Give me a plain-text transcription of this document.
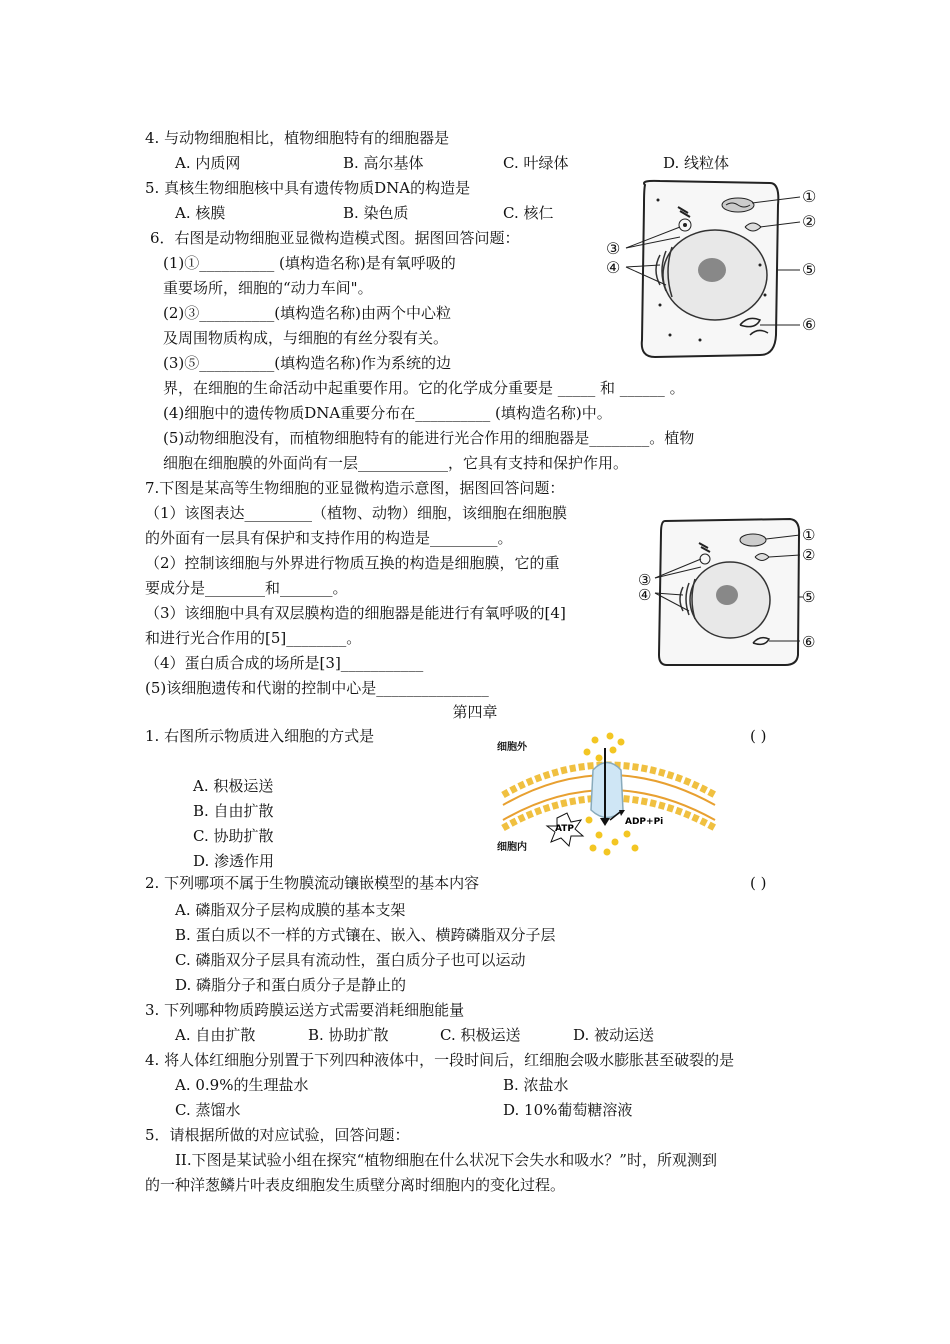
4. 与动物细胞相比，植物细胞特有的细胞器是
A. 内质网	B. 高尔基体	C. 叶绿体	D. 线粒体
5. 真核生物细胞核中具有遗传物质DNA的构造是
A. 核膜	B. 染色质	C. 核仁
6．右图是动物细胞亚显微构造模式图。据图回答问题：
(1)①__________ (填构造名称)是有氧呼吸的
重要场所，细胞的“动力车间"。
(2)③__________(填构造名称)由两个中心粒
及周围物质构成，与细胞的有丝分裂有关。
(3)⑤__________(填构造名称)作为系统的边
界，在细胞的生命活动中起重要作用。它的化学成分重要是 _____ 和 ______ 。
(4)细胞中的遗传物质DNA重要分布在__________ (填构造名称)中。
(5)动物细胞没有，而植物细胞特有的能进行光合作用的细胞器是________。植物
细胞在细胞膜的外面尚有一层____________，它具有支持和保护作用。
①
②
③
④	⑤
⑥
7.下图是某高等生物细胞的亚显微构造示意图，据图回答问题：
（1）该图表达_________（植物、动物）细胞，该细胞在细胞膜
的外面有一层具有保护和支持作用的构造是_________。
（2）控制该细胞与外界进行物质互换的构造是细胞膜，它的重
要成分是________和_______。
（3）该细胞中具有双层膜构造的细胞器是能进行有氧呼吸的[4]
和进行光合作用的[5]________。
（4）蛋白质合成的场所是[3]___________
(5)该细胞遗传和代谢的控制中心是_______________
①
②
③
④	⑤
⑥
第四章
1. 右图所示物质进入细胞的方式是	( )
A. 积极运送
B. 自由扩散
C. 协助扩散
D. 渗透作用
ATP
ADP+Pi
细胞外
细胞内
2. 下列哪项不属于生物膜流动镶嵌模型的基本内容	( )
A. 磷脂双分子层构成膜的基本支架
B. 蛋白质以不一样的方式镶在、嵌入、横跨磷脂双分子层
C. 磷脂双分子层具有流动性，蛋白质分子也可以运动
D. 磷脂分子和蛋白质分子是静止的
3. 下列哪种物质跨膜运送方式需要消耗细胞能量
A. 自由扩散	B. 协助扩散	C. 积极运送	D. 被动运送
4. 将人体红细胞分别置于下列四种液体中，一段时间后，红细胞会吸水膨胀甚至破裂的是
A. 0.9%的生理盐水	B. 浓盐水
C. 蒸馏水	D. 10%葡萄糖溶液
5．请根据所做的对应试验，回答问题：
II.下图是某试验小组在探究“植物细胞在什么状况下会失水和吸水？”时，所观测到
的一种洋葱鳞片叶表皮细胞发生质壁分离时细胞内的变化过程。
